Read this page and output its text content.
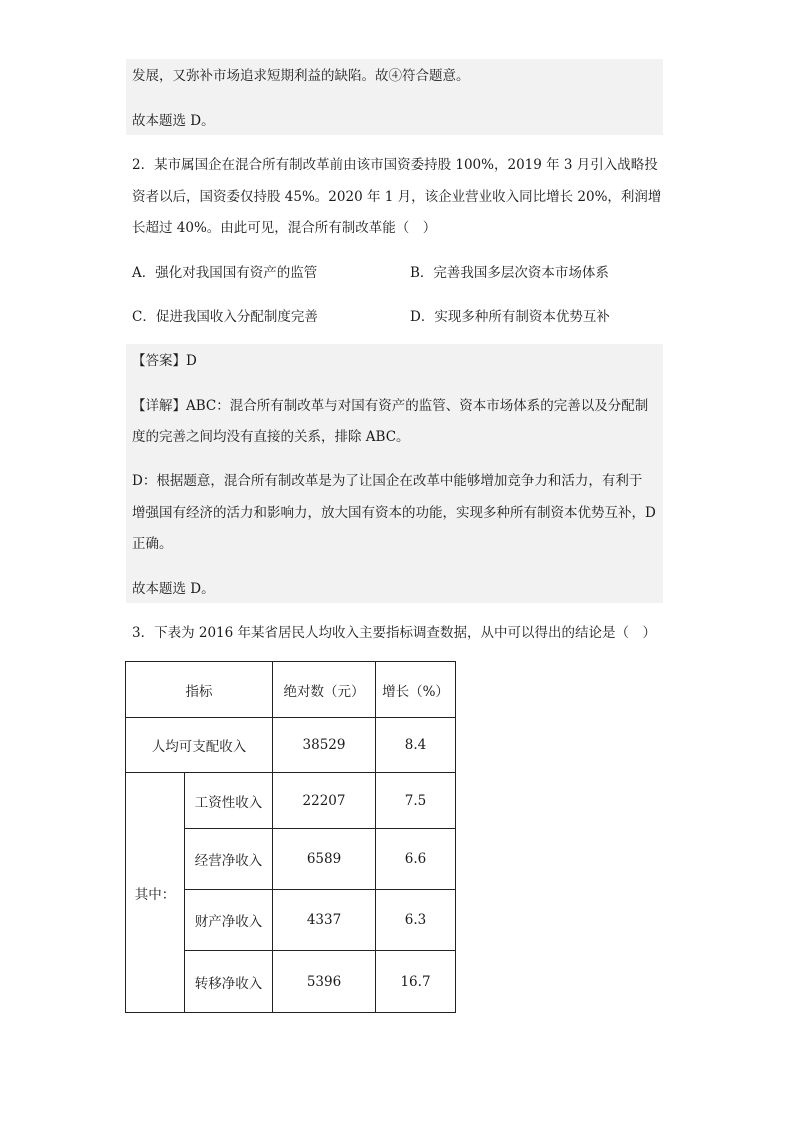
发展，又弥补市场追求短期利益的缺陷。故④符合题意。
故本题选 D。
2．某市属国企在混合所有制改革前由该市国资委持股 100%，2019 年 3 月引入战略投
资者以后，国资委仅持股 45%。2020 年 1 月，该企业营业收入同比增长 20%，利润增
长超过 40%。由此可见，混合所有制改革能（　）
A．强化对我国国有资产的监管	B．完善我国多层次资本市场体系
C．促进我国收入分配制度完善	D．实现多种所有制资本优势互补
【答案】D
【详解】ABC：混合所有制改革与对国有资产的监管、资本市场体系的完善以及分配制
度的完善之间均没有直接的关系，排除 ABC。
D：根据题意，混合所有制改革是为了让国企在改革中能够增加竞争力和活力，有利于
增强国有经济的活力和影响力，放大国有资本的功能，实现多种所有制资本优势互补，D
正确。
故本题选 D。
3．下表为 2016 年某省居民人均收入主要指标调查数据，从中可以得出的结论是（　）
指标		绝对数（元）	增长（%）
人均可支配收入		38529	8.4
其中：	工资性收入	22207	7.5
	经营净收入	6589	6.6
	财产净收入	4337	6.3
	转移净收入	5396	16.7
